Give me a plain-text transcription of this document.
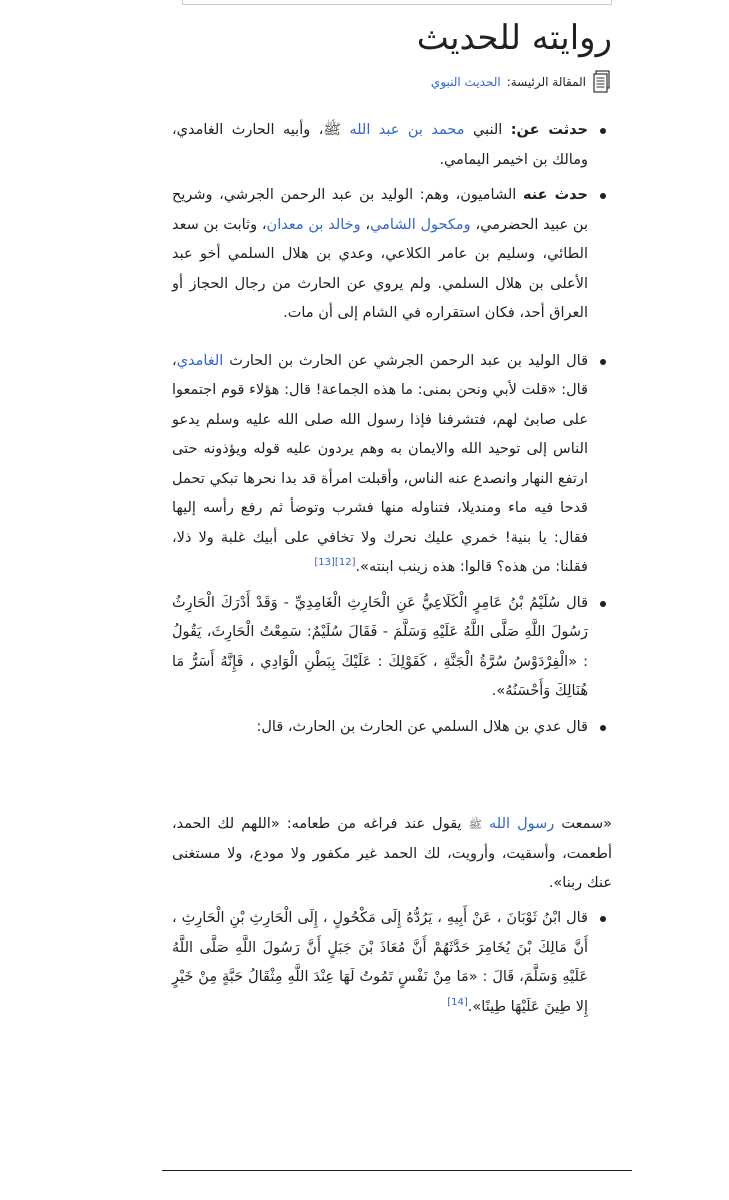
روايته للحديث
المقالة الرئيسة:
الحديث النبوي
حدثت عن: النبي محمد بن عبد الله ﷺ، وأبيه الحارث الغامدي، ومالك بن اخيمر اليمامي.
حدث عنه الشاميون، وهم: الوليد بن عبد الرحمن الجرشي، وشريح بن عبيد الحضرمي، ومكحول الشامي، وخالد بن معدان، وثابت بن سعد الطائي، وسليم بن عامر الكلاعي، وعدي بن هلال السلمي أخو عبد الأعلى بن هلال السلمي. ولم يروي عن الحارث من رجال الحجاز أو العراق أحد، فكان استقراره في الشام إلى أن مات.
قال الوليد بن عبد الرحمن الجرشي عن الحارث بن الحارث الغامدي، قال: «قلت لأبي ونحن بمنى: ما هذه الجماعة! قال: هؤلاء قوم اجتمعوا على صابئ لهم، فتشرفنا فإذا رسول الله صلى الله عليه وسلم يدعو الناس إلى توحيد الله والايمان به وهم يردون عليه قوله ويؤذونه حتى ارتفع النهار وانصدع عنه الناس، وأقبلت امرأة قد بدا نحرها تبكي تحمل قدحا فيه ماء ومنديلا، فتناوله منها فشرب وتوضأ ثم رفع رأسه إليها فقال: يا بنية! خمري عليك نحرك ولا تخافي على أبيك غلبة ولا ذلا، فقلنا: من هذه؟ قالوا: هذه زينب ابنته».[12][13]
قال سُلَيْمُ بْنُ عَامِرٍ الْكَلَاعِيُّ عَنِ الْحَارِثِ الْغَامِدِيِّ - وَقَدْ أَدْرَكَ الْحَارِثُ رَسُولَ اللَّهِ صَلَّى اللَّهُ عَلَيْهِ وَسَلَّمَ - فَقَالَ سُلَيْمٌ: سَمِعْتُ الْحَارِثَ، يَقُولُ : «الْفِرْدَوْسُ سُرَّةُ الْجَنَّةِ ، كَقَوْلِكَ : عَلَيْكَ بِبَطْنِ الْوَادِي ، فَإِنَّهُ أَسَرُّ مَا هُنَالِكَ وَأَحْسَنُهُ».
قال عدي بن هلال السلمي عن الحارث بن الحارث، قال:

«سمعت رسول الله ﷺ يقول عند فراغه من طعامه: «اللهم لك الحمد، أطعمت، وأسقيت، وأرويت، لك الحمد غير مكفور ولا مودع، ولا مستغنى عنك ربنا».

قال ابْنُ ثَوْبَانَ ، عَنْ أَبِيهِ ، يَرُدُّهُ إِلَى مَكْحُولٍ ، إِلَى الْحَارِثِ بْنِ الْحَارِثِ ، أَنَّ مَالِكَ بْنَ يُخَامِرَ حَدَّثَهُمْ أَنَّ مُعَاذَ بْنَ جَبَلٍ أَنَّ رَسُولَ اللَّهِ صَلَّى اللَّهُ عَلَيْهِ وَسَلَّمَ، قَالَ : «مَا مِنْ نَفْسٍ تَمُوتُ لَهَا عِنْدَ اللَّهِ مِثْقَالُ حَبَّةٍ مِنْ خَيْرٍ إِلا طِينَ عَلَيْهَا طِينًا».[14]
